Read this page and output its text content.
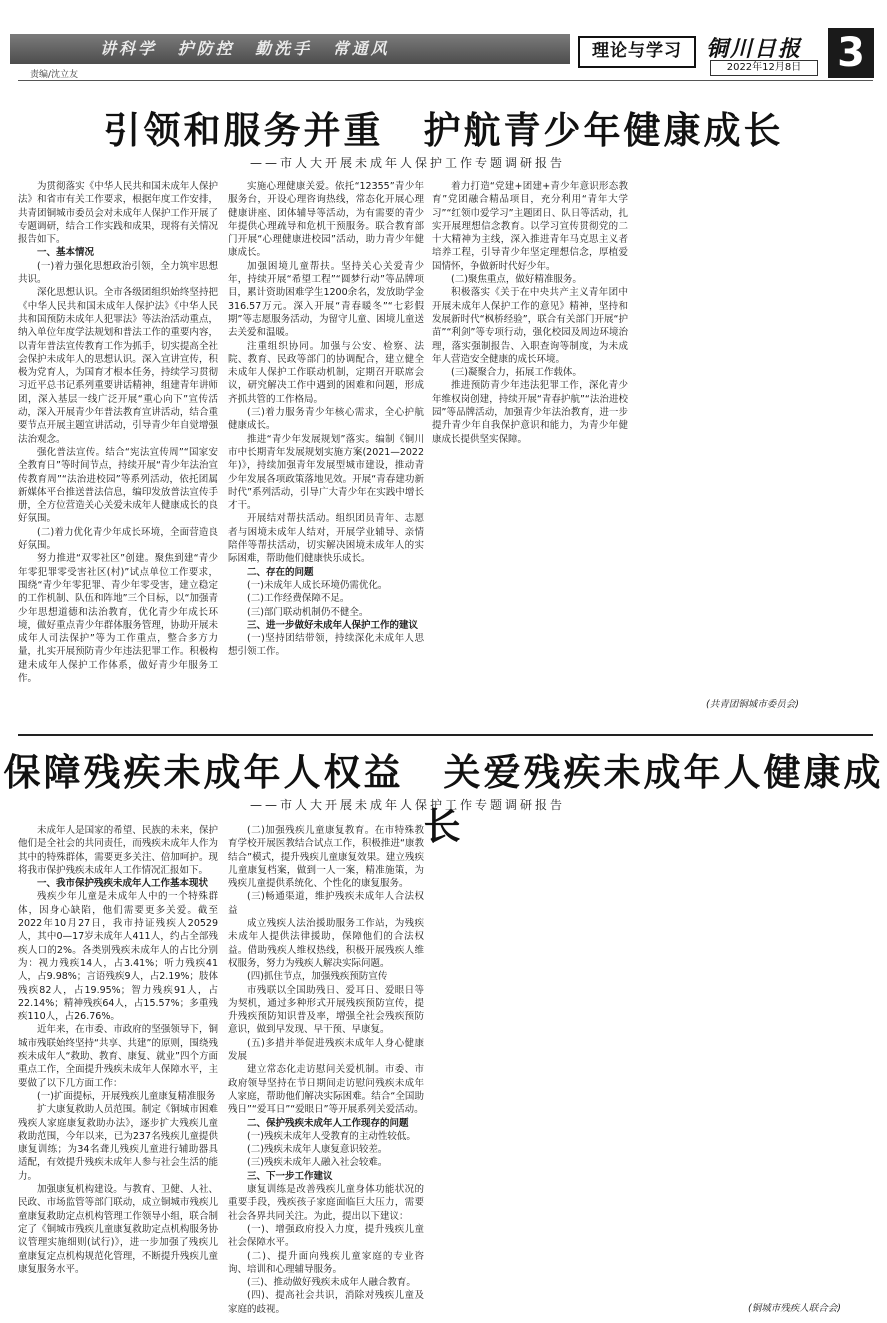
讲科学 护防控 勤洗手 常通风	理论与学习	铜川日报
2022年12月8日 3
责编/沈立友
引领和服务并重　护航青少年健康成长
——市人大开展未成年人保护工作专题调研报告

为贯彻落实《中华人民共和国未成年人保护法》和省市有关工作要求，根据年度工作安排，共青团铜城市委员会对未成年人保护工作开展了专题调研，结合工作实践和成果，现将有关情况报告如下。

一、基本情况

(一)着力强化思想政治引领，全力筑牢思想共识。

深化思想认识。全市各级团组织始终坚持把《中华人民共和国未成年人保护法》《中华人民共和国预防未成年人犯罪法》等法治活动重点，纳入单位年度学法规划和普法工作的重要内容，以青年普法宣传教育工作为抓手，切实提高全社会保护未成年人的思想认识。深入宣讲宣传，积极为党育人，为国育才根本任务，持续学习贯彻习近平总书记系列重要讲话精神，组建青年讲师团，深入基层一线广泛开展“重心向下”宣传活动，深入开展青少年普法教育宣讲活动，结合重要节点开展主题宣讲活动，引导青少年自觉增强法治观念。

强化普法宣传。结合“宪法宣传周”“国家安全教育日”等时间节点，持续开展“青少年法治宣传教育周”“法治进校园”等系列活动，依托团属新媒体平台推送普法信息，编印发放普法宣传手册，全方位营造关心关爱未成年人健康成长的良好氛围。

(二)着力优化青少年成长环境，全面营造良好氛围。

努力推进“双零社区”创建。聚焦到建“青少年零犯罪零受害社区(村)”试点单位工作要求，围绕“青少年零犯罪、青少年零受害，建立稳定的工作机制、队伍和阵地”三个目标，以“加强青少年思想道德和法治教育，优化青少年成长环境，做好重点青少年群体服务管理，协助开展未成年人司法保护”等为工作重点，整合多方力量，扎实开展预防青少年违法犯罪工作。积极构建未成年人保护工作体系，做好青少年服务工作。

实施心理健康关爱。依托“12355”青少年服务台，开设心理咨询热线，常态化开展心理健康讲座、团体辅导等活动，为有需要的青少年提供心理疏导和危机干预服务。联合教育部门开展“心理健康进校园”活动，助力青少年健康成长。

加强困境儿童帮扶。坚持关心关爱青少年，持续开展“希望工程”“圆梦行动”等品牌项目，累计资助困难学生1200余名，发放助学金316.57万元。深入开展“青春暖冬”“七彩假期”等志愿服务活动，为留守儿童、困境儿童送去关爱和温暖。

注重组织协同。加强与公安、检察、法院、教育、民政等部门的协调配合，建立健全未成年人保护工作联动机制，定期召开联席会议，研究解决工作中遇到的困难和问题，形成齐抓共管的工作格局。

(三)着力服务青少年核心需求，全心护航健康成长。

推进“青少年发展规划”落实。编制《铜川市中长期青年发展规划实施方案(2021—2022年)》，持续加强青年发展型城市建设，推动青少年发展各项政策落地见效。开展“青春建功新时代”系列活动，引导广大青少年在实践中增长才干。

开展结对帮扶活动。组织团员青年、志愿者与困境未成年人结对，开展学业辅导、亲情陪伴等帮扶活动，切实解决困境未成年人的实际困难，帮助他们健康快乐成长。

二、存在的问题

(一)未成年人成长环境仍需优化。

(二)工作经费保障不足。

(三)部门联动机制仍不健全。

三、进一步做好未成年人保护工作的建议

(一)坚持团结带领，持续深化未成年人思想引领工作。

着力打造“党建+团建+青少年意识形态教育”党团融合精品项目，充分利用“青年大学习”“红领巾爱学习”主题团日、队日等活动，扎实开展理想信念教育。以学习宣传贯彻党的二十大精神为主线，深入推进青年马克思主义者培养工程，引导青少年坚定理想信念，厚植爱国情怀，争做新时代好少年。

(二)聚焦重点，做好精准服务。

积极落实《关于在中央共产主义青年团中开展未成年人保护工作的意见》精神，坚持和发展新时代“枫桥经验”，联合有关部门开展“护苗”“利剑”等专项行动，强化校园及周边环境治理，落实强制报告、入职查询等制度，为未成年人营造安全健康的成长环境。

(三)凝聚合力，拓展工作载体。

推进预防青少年违法犯罪工作，深化青少年维权岗创建，持续开展“青春护航”“法治进校园”等品牌活动，加强青少年法治教育，进一步提升青少年自我保护意识和能力，为青少年健康成长提供坚实保障。

(共青团铜城市委员会)
保障残疾未成年人权益　关爱残疾未成年人健康成长
——市人大开展未成年人保护工作专题调研报告

未成年人是国家的希望、民族的未来，保护他们是全社会的共同责任，而残疾未成年人作为其中的特殊群体，需要更多关注、倍加呵护。现将我市保护残疾未成年人工作情况汇报如下。

一、我市保护残疾未成年人工作基本现状

残疾少年儿童是未成年人中的一个特殊群体，因身心缺陷，他们需要更多关爱。截至2022年10月27日，我市持证残疾人20529人，其中0—17岁未成年人411人，约占全部残疾人口的2%。各类别残疾未成年人的占比分别为：视力残疾14人，占3.41%；听力残疾41人，占9.98%；言语残疾9人，占2.19%；肢体残疾82人，占19.95%；智力残疾91人，占22.14%；精神残疾64人，占15.57%；多重残疾110人，占26.76%。

近年来，在市委、市政府的坚强领导下，铜城市残联始终坚持“共享、共建”的原则，围绕残疾未成年人“救助、教育、康复、就业”四个方面重点工作，全面提升残疾未成年人保障水平，主要做了以下几方面工作：

(一)扩面提标，开展残疾儿童康复精准服务

扩大康复救助人员范围。制定《铜城市困难残疾人家庭康复救助办法》，逐步扩大残疾儿童救助范围，今年以来，已为237名残疾儿童提供康复训练；为34名聋儿残疾儿童进行辅助器具适配，有效提升残疾未成年人参与社会生活的能力。

加强康复机构建设。与教育、卫健、人社、民政、市场监管等部门联动，成立铜城市残疾儿童康复救助定点机构管理工作领导小组，联合制定了《铜城市残疾儿童康复救助定点机构服务协议管理实施细则(试行)》，进一步加强了残疾儿童康复定点机构规范化管理，不断提升残疾儿童康复服务水平。

(二)加强残疾儿童康复教育。在市特殊教育学校开展医教结合试点工作，积极推进“康教结合”模式，提升残疾儿童康复效果。建立残疾儿童康复档案，做到一人一案，精准施策，为残疾儿童提供系统化、个性化的康复服务。

(三)畅通渠道，维护残疾未成年人合法权益

成立残疾人法治援助服务工作站，为残疾未成年人提供法律援助，保障他们的合法权益。借助残疾人维权热线，积极开展残疾人维权服务，努力为残疾人解决实际问题。

(四)抓住节点，加强残疾预防宣传

市残联以全国助残日、爱耳日、爱眼日等为契机，通过多种形式开展残疾预防宣传，提升残疾预防知识普及率，增强全社会残疾预防意识，做到早发现、早干预、早康复。

(五)多措并举促进残疾未成年人身心健康发展

建立常态化走访慰问关爱机制。市委、市政府领导坚持在节日期间走访慰问残疾未成年人家庭，帮助他们解决实际困难。结合“全国助残日”“爱耳日”“爱眼日”等开展系列关爱活动。

二、保护残疾未成年人工作现存的问题

(一)残疾未成年人受教育的主动性较低。

(二)残疾未成年人康复意识较差。

(三)残疾未成年人融入社会较难。

三、下一步工作建议

康复训练是改善残疾儿童身体功能状况的重要手段，残疾孩子家庭面临巨大压力，需要社会各界共同关注。为此，提出以下建议：

(一)、增强政府投入力度，提升残疾儿童社会保障水平。

(二)、提升面向残疾儿童家庭的专业咨询、培训和心理辅导服务。

(三)、推动做好残疾未成年人融合教育。

(四)、提高社会共识，消除对残疾儿童及家庭的歧视。	(铜城市残疾人联合会)
